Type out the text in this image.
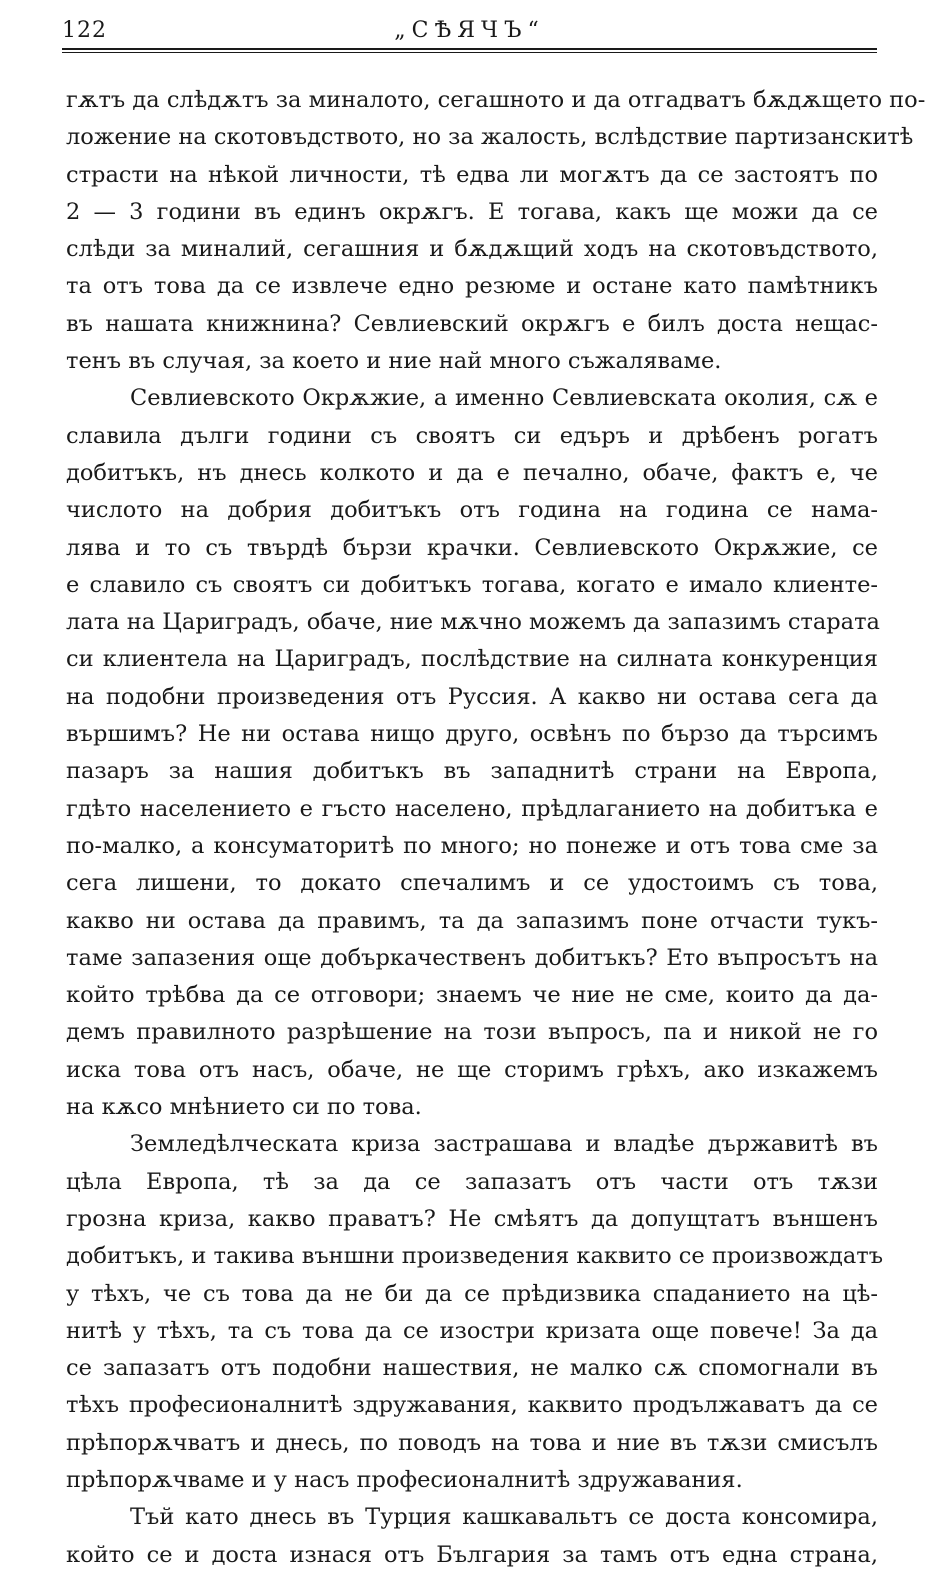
122	„СѢЯЧЪ“
гѫтъ да слѣдѫтъ за миналото, сегашното и да отгадватъ бѫдѫщето по-
ложение на скотовъдството, но за жалость, вслѣдствие партизанскитѣ
страсти на нѣкой личности, тѣ едва ли могѫтъ да се застоятъ по
2 — 3 години въ единъ окрѫгъ. Е тогава, какъ ще можи да се
слѣди за миналий, сегашния и бѫдѫщий ходъ на скотовъдството,
та отъ това да се извлече едно резюме и остане като памѣтникъ
въ нашата книжнина? Севлиевский окрѫгъ е билъ доста нещас-
тенъ въ случая, за което и ние най много съжаляваме.
Севлиевското Окрѫжие, а именно Севлиевската околия, сѫ е
славила дълги години съ своятъ си едъръ и дрѣбенъ рогатъ
добитъкъ, нъ днесь колкото и да е печално, обаче, фактъ е, че
числото на добрия добитъкъ отъ година на година се намa-
лява и то съ твърдѣ бързи крачки. Севлиевското Окрѫжие, се
е славило съ своятъ си добитъкъ тогава, когато е имало клиенте-
лата на Цариградъ, обаче, ние мѫчно можемъ да запазимъ старата
си клиентела на Цариградъ, послѣдствие на силната конкуренция
на подобни произведения отъ Руссия. А какво ни остава сега да
вършимъ? Не ни остава нищо друго, освѣнъ по бързо да търсимъ
пазаръ за нашия добитъкъ въ западнитѣ страни на Европа,
гдѣто населението е гъсто населено, прѣдлаганието на добитъка е
по-малко, а консуматоритѣ по много; но понеже и отъ това сме за
сега лишени, то докато спечалимъ и се удостоимъ съ това,
какво ни остава да правимъ, та да запазимъ поне отчасти тукъ-
тамe запазения още добъркачественъ добитъкъ? Ето въпросътъ на
който трѣбва да се отговори; знаемъ че ние не сме, които да да-
демъ правилното разрѣшение на този въпросъ, па и никой не го
иска това отъ насъ, обаче, не ще сторимъ грѣхъ, ако изкажемъ
на кѫсо мнѣнието си по това.
Землeдѣлческата криза застрашава и владѣе държавитѣ въ
цѣла Европа, тѣ за да се запазатъ отъ части отъ тѫзи
грозна криза, какво праватъ? Не смѣятъ да допущтатъ външенъ
добитъкъ, и такива външни произведения каквито се произвождатъ
у тѣхъ, че съ това да не би да се прѣдизвика спаданието на цѣ-
нитѣ у тѣхъ, та съ това да се изостри кризата още повече! За да
се запазатъ отъ подобни нашествия, не малко сѫ спомогнали въ
тѣхъ професионалнитѣ здружавания, каквито продължаватъ да се
прѣпорѫчватъ и днесь, по поводъ на това и ние въ тѫзи смисълъ
прѣпорѫчваме и у насъ професионалнитѣ здружавания.
Тъй като днесь въ Турция кашкавальтъ се доста консомира,
който се и доста изнася отъ България за тамъ отъ една страна,
